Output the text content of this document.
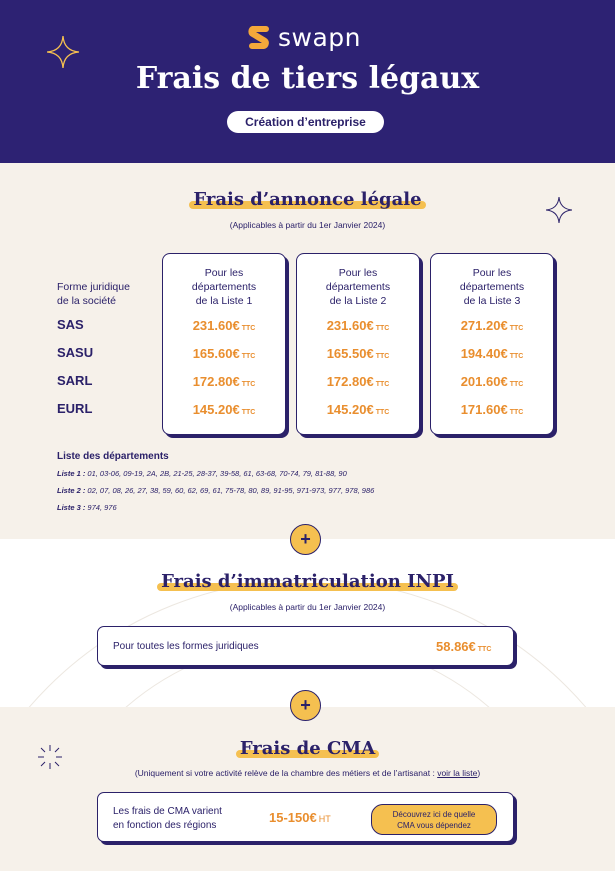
swapn
Frais de tiers légaux
Création d’entreprise
Frais d’annonce légale
(Applicables à partir du 1er Janvier 2024)
Forme juridique
de la société
SAS
SASU
SARL
EURL
Pour les
départements
de la Liste 1
231.60€ TTC
165.60€ TTC
172.80€ TTC
145.20€ TTC
Pour les
départements
de la Liste 2
231.60€ TTC
165.50€ TTC
172.80€ TTC
145.20€ TTC
Pour les
départements
de la Liste 3
271.20€ TTC
194.40€ TTC
201.60€ TTC
171.60€ TTC
Liste des départements
Liste 1 : 01, 03-06, 09-19, 2A, 2B, 21-25, 28-37, 39-58, 61, 63-68, 70-74, 79, 81-88, 90
Liste 2 : 02, 07, 08, 26, 27, 38, 59, 60, 62, 69, 61, 75-78, 80, 89, 91-95, 971-973, 977, 978, 986
Liste 3 : 974, 976
+
Frais d’immatriculation INPI
(Applicables à partir du 1er Janvier 2024)
Pour toutes les formes juridiques	58.86€ TTC
+
Frais de CMA
(Uniquement si votre activité relève de la chambre des métiers et de l’artisanat : voir la liste)
Les frais de CMA varient
en fonction des régions
15-150€ HT	Découvrez ici de quelle
CMA vous dépendez
